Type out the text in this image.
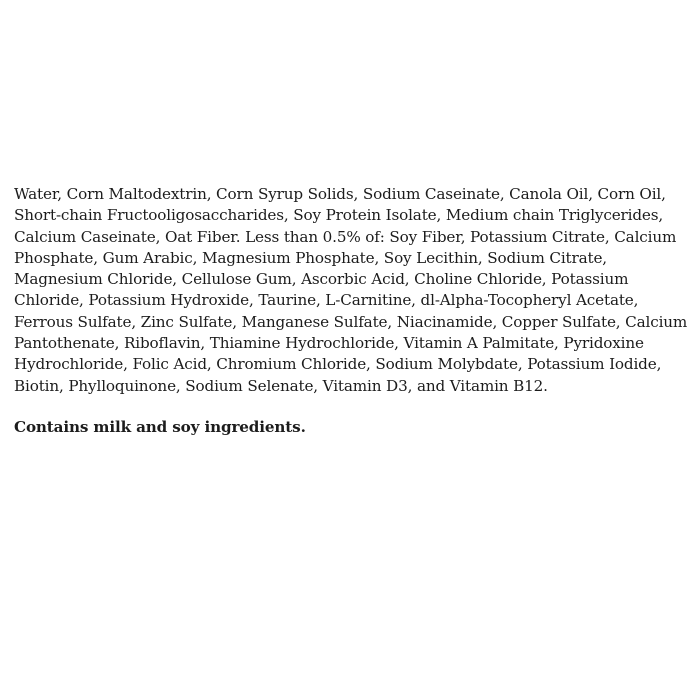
Water, Corn Maltodextrin, Corn Syrup Solids, Sodium Caseinate, Canola Oil, Corn Oil, Short-chain Fructooligosaccharides, Soy Protein Isolate, Medium chain Triglycerides, Calcium Caseinate, Oat Fiber. Less than 0.5% of: Soy Fiber, Potassium Citrate, Calcium Phosphate, Gum Arabic, Magnesium Phosphate, Soy Lecithin, Sodium Citrate, Magnesium Chloride, Cellulose Gum, Ascorbic Acid, Choline Chloride, Potassium Chloride, Potassium Hydroxide, Taurine, L-Carnitine, dl-Alpha-Tocopheryl Acetate, Ferrous Sulfate, Zinc Sulfate, Manganese Sulfate, Niacinamide, Copper Sulfate, Calcium Pantothenate, Riboflavin, Thiamine Hydrochloride, Vitamin A Palmitate, Pyridoxine Hydrochloride, Folic Acid, Chromium Chloride, Sodium Molybdate, Potassium Iodide, Biotin, Phylloquinone, Sodium Selenate, Vitamin D3, and Vitamin B12.

Contains milk and soy ingredients.
